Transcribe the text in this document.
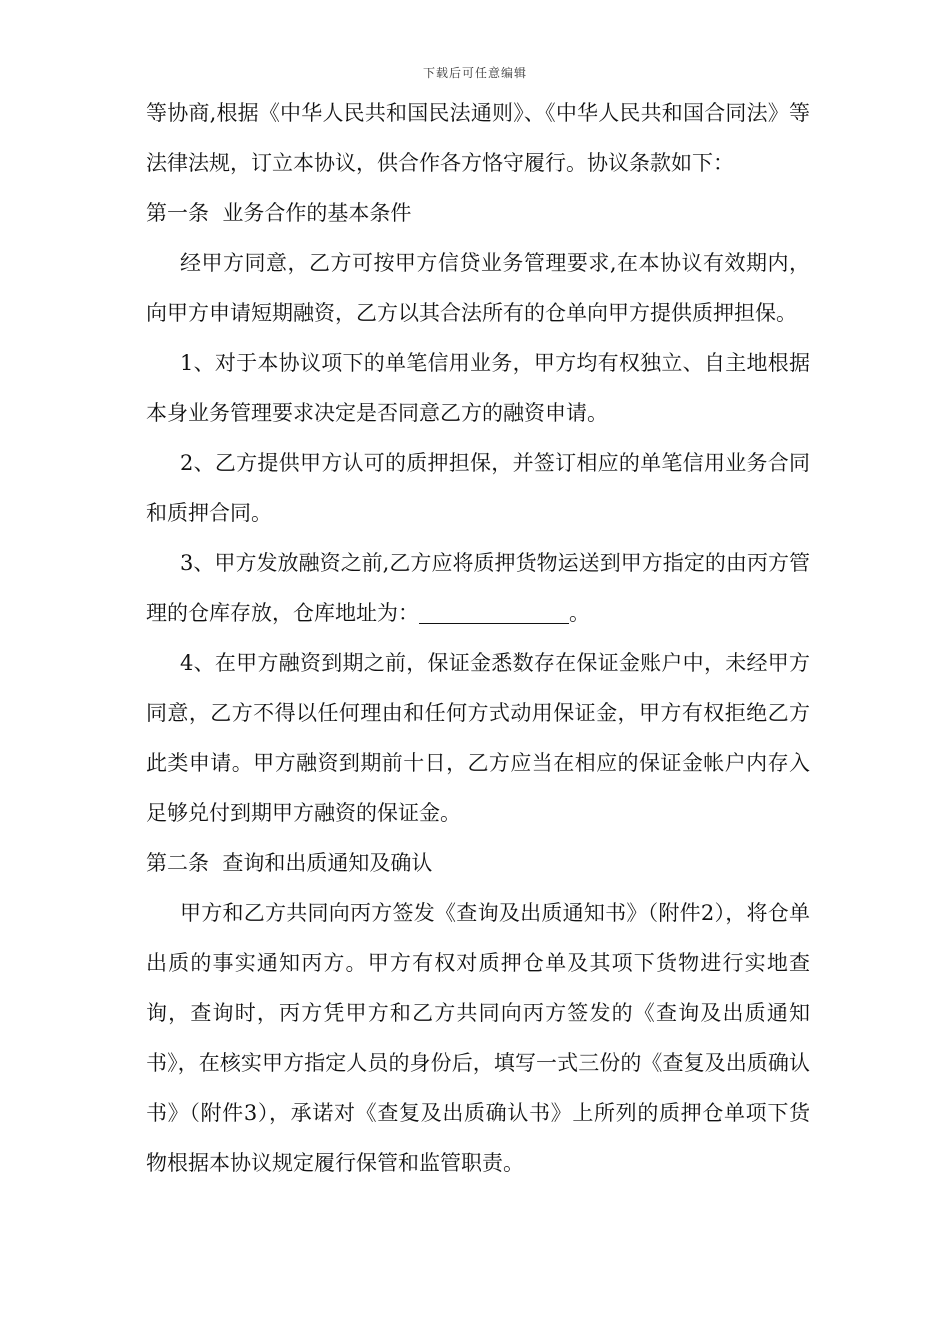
下载后可任意编辑

等协商,根据《中华人民共和国民法通则》、《中华人民共和国合同法》等法律法规，订立本协议，供合作各方恪守履行。协议条款如下：

第一条  业务合作的基本条件

经甲方同意，乙方可按甲方信贷业务管理要求,在本协议有效期内，向甲方申请短期融资，乙方以其合法所有的仓单向甲方提供质押担保。

1、对于本协议项下的单笔信用业务，甲方均有权独立、自主地根据本身业务管理要求决定是否同意乙方的融资申请。

2、乙方提供甲方认可的质押担保，并签订相应的单笔信用业务合同和质押合同。

3、甲方发放融资之前,乙方应将质押货物运送到甲方指定的由丙方管理的仓库存放，仓库地址为：	。

4、在甲方融资到期之前，保证金悉数存在保证金账户中，未经甲方同意，乙方不得以任何理由和任何方式动用保证金，甲方有权拒绝乙方此类申请。甲方融资到期前十日，乙方应当在相应的保证金帐户内存入足够兑付到期甲方融资的保证金。

第二条  查询和出质通知及确认

甲方和乙方共同向丙方签发《查询及出质通知书》（附件2），将仓单出质的事实通知丙方。甲方有权对质押仓单及其项下货物进行实地查询，查询时，丙方凭甲方和乙方共同向丙方签发的《查询及出质通知书》，在核实甲方指定人员的身份后，填写一式三份的《查复及出质确认书》（附件3），承诺对《查复及出质确认书》上所列的质押仓单项下货物根据本协议规定履行保管和监管职责。
